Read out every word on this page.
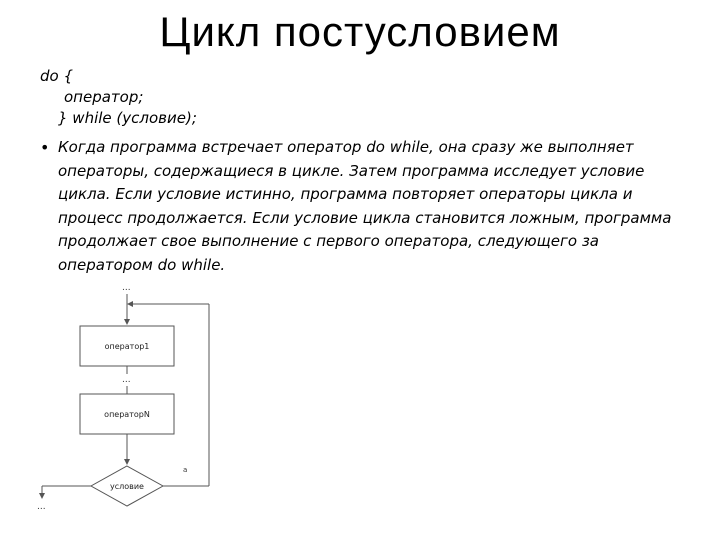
Цикл постусловием
do {
оператор;
} while (условие);
• Когда программа встречает оператор do while, она сразу же выполняет операторы, содержащиеся в цикле. Затем программа исследует условие цикла. Если условие истинно, программа повторяет операторы цикла и процесс продолжается. Если условие цикла становится ложным, программа продолжает свое выполнение с первого оператора, следующего за оператором do while.
...
оператор1
...
операторN
условие
а
...
